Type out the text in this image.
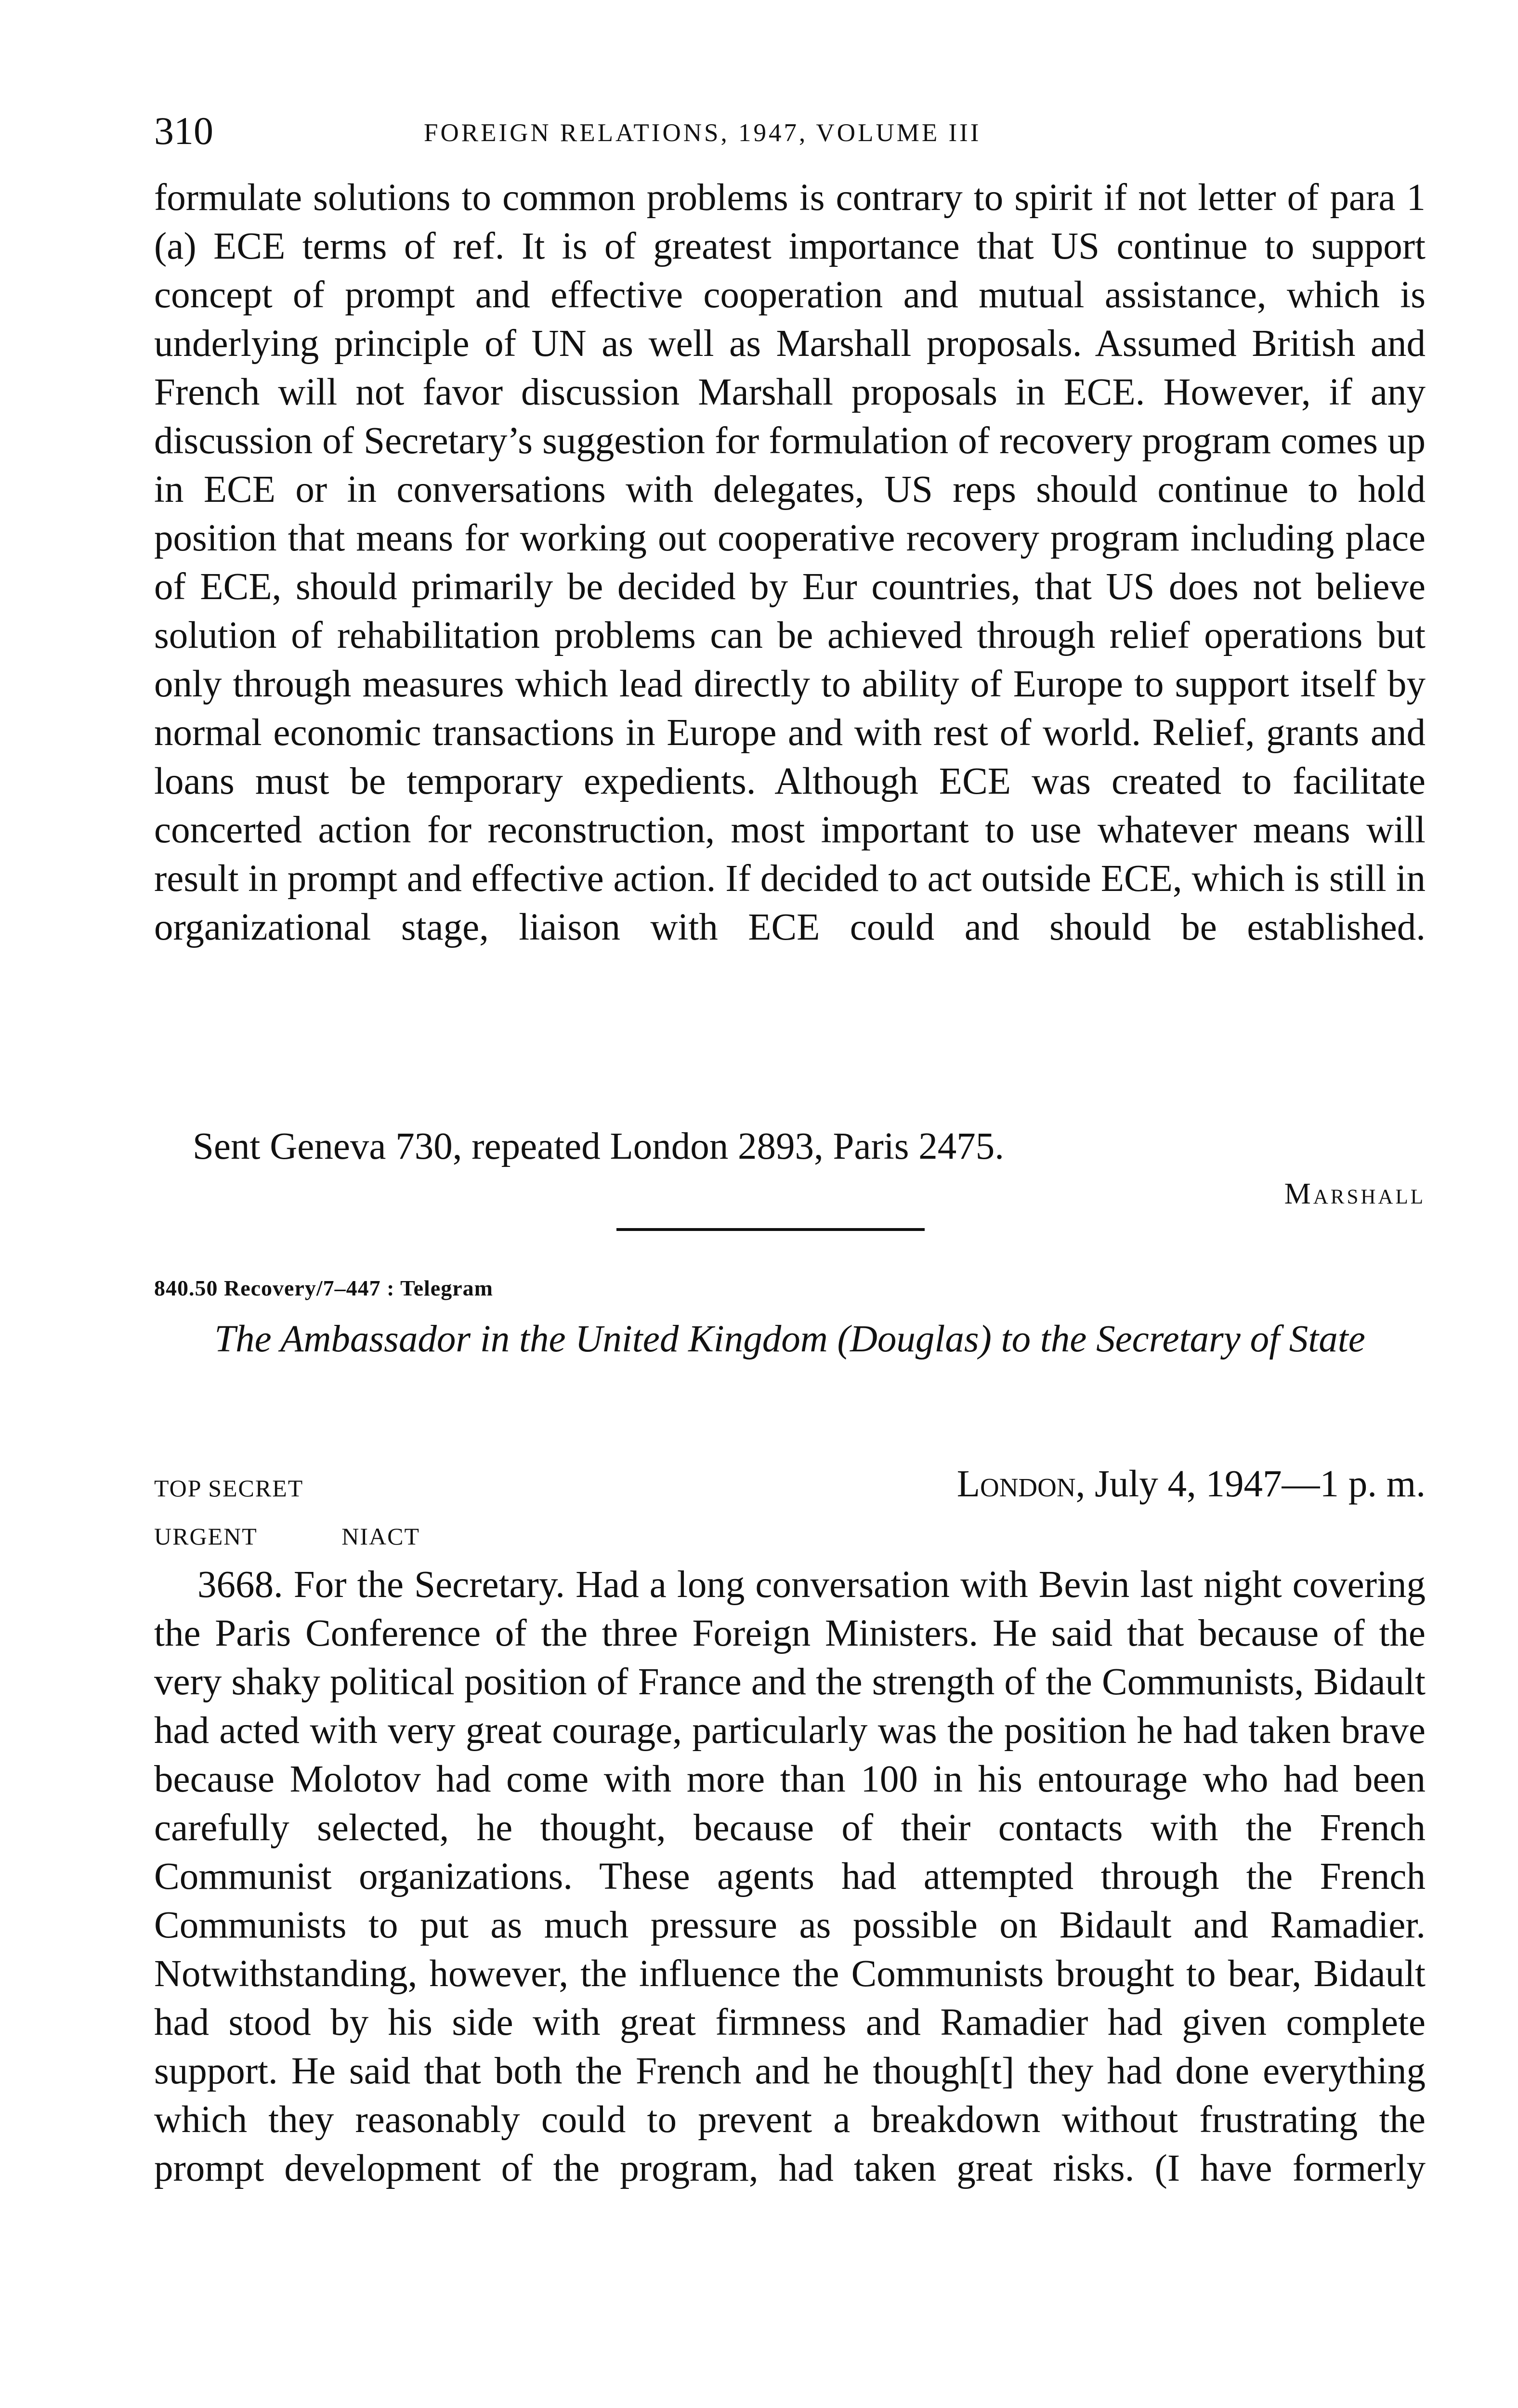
310	FOREIGN RELATIONS, 1947, VOLUME III

formulate solutions to common problems is contrary to spirit if not letter of para 1 (a) ECE terms of ref. It is of greatest importance that US continue to support concept of prompt and effective cooperation and mutual assistance, which is underlying principle of UN as well as Marshall proposals. Assumed British and French will not favor discussion Marshall proposals in ECE. However, if any discussion of Secretary’s suggestion for formulation of recovery program comes up in ECE or in conversations with delegates, US reps should continue to hold position that means for working out cooperative recovery program including place of ECE, should primarily be decided by Eur countries, that US does not believe solution of rehabilitation problems can be achieved through relief operations but only through measures which lead directly to ability of Europe to support itself by normal economic transactions in Europe and with rest of world. Relief, grants and loans must be temporary expedients. Although ECE was created to facilitate concerted action for reconstruction, most important to use whatever means will result in prompt and effective action. If decided to act outside ECE, which is still in organizational stage, liaison with ECE could and should be established.

Sent Geneva 730, repeated London 2893, Paris 2475.
Marshall
840.50 Recovery/7–447 : Telegram
The Ambassador in the United Kingdom (Douglas) to the Secretary of State
TOP SECRET	London, July 4, 1947—1 p. m.
URGENT	NIACT

3668. For the Secretary. Had a long conversation with Bevin last night covering the Paris Conference of the three Foreign Ministers. He said that because of the very shaky political position of France and the strength of the Communists, Bidault had acted with very great courage, particularly was the position he had taken brave because Molotov had come with more than 100 in his entourage who had been carefully selected, he thought, because of their contacts with the French Communist organizations. These agents had attempted through the French Communists to put as much pressure as possible on Bidault and Ramadier. Notwithstanding, however, the influence the Communists brought to bear, Bidault had stood by his side with great firmness and Ramadier had given complete support. He said that both the French and he though[t] they had done everything which they reasonably could to prevent a breakdown without frustrating the prompt development of the program, had taken great risks. (I have formerly
